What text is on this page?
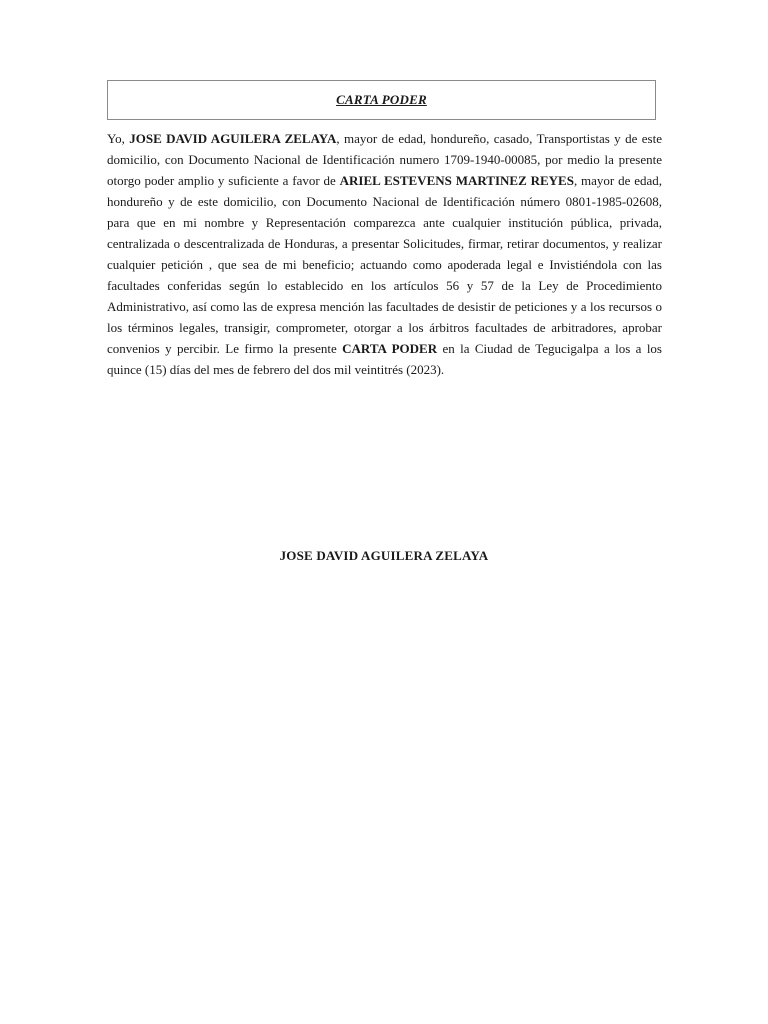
CARTA PODER

Yo, JOSE DAVID AGUILERA ZELAYA, mayor de edad, hondureño, casado, Transportistas y de este domicilio, con Documento Nacional de Identificación numero 1709-1940-00085, por medio la presente otorgo poder amplio y suficiente a favor de ARIEL ESTEVENS MARTINEZ REYES, mayor de edad, hondureño y de este domicilio, con Documento Nacional de Identificación número 0801-1985-02608, para que en mi nombre y Representación comparezca ante cualquier institución pública, privada, centralizada o descentralizada de Honduras, a presentar Solicitudes, firmar, retirar documentos, y realizar cualquier petición , que sea de mi beneficio; actuando como apoderada legal e Invistiéndola con las facultades conferidas según lo establecido en los artículos 56 y 57 de la Ley de Procedimiento Administrativo, así como las de expresa mención las facultades de desistir de peticiones y a los recursos o los términos legales, transigir, comprometer, otorgar a los árbitros facultades de arbitradores, aprobar convenios y percibir. Le firmo la presente CARTA PODER en la Ciudad de Tegucigalpa a los a los quince (15) días del mes de febrero del dos mil veintitrés (2023).

JOSE DAVID AGUILERA ZELAYA
